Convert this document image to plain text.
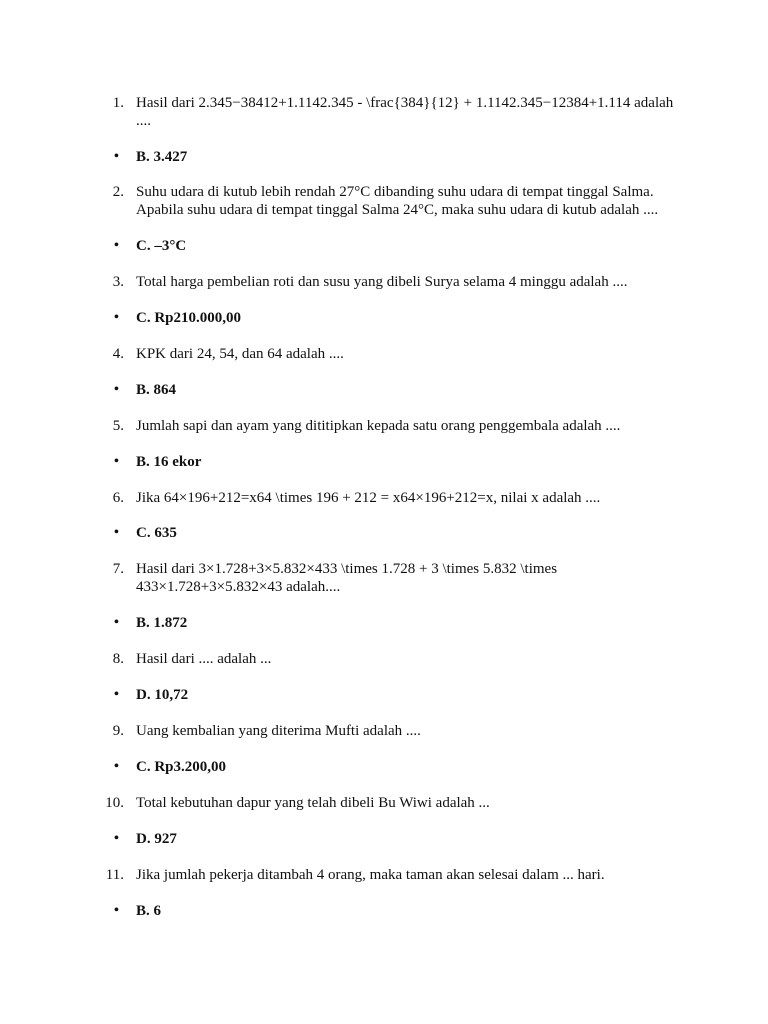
1. Hasil dari 2.345−38412+1.1142.345 - \frac{384}{12} + 1.1142.345−12384+1.114 adalah ....
• B. 3.427
2. Suhu udara di kutub lebih rendah 27°C dibanding suhu udara di tempat tinggal Salma. Apabila suhu udara di tempat tinggal Salma 24°C, maka suhu udara di kutub adalah ....
• C. –3°C
3. Total harga pembelian roti dan susu yang dibeli Surya selama 4 minggu adalah ....
• C. Rp210.000,00
4. KPK dari 24, 54, dan 64 adalah ....
• B. 864
5. Jumlah sapi dan ayam yang dititipkan kepada satu orang penggembala adalah ....
• B. 16 ekor
6. Jika 64×196+212=x64 \times 196 + 212 = x64×196+212=x, nilai x adalah ....
• C. 635
7. Hasil dari 3×1.728+3×5.832×433 \times 1.728 + 3 \times 5.832 \times 433×1.728+3×5.832×43 adalah....
• B. 1.872
8. Hasil dari .... adalah ...
• D. 10,72
9. Uang kembalian yang diterima Mufti adalah ....
• C. Rp3.200,00
10. Total kebutuhan dapur yang telah dibeli Bu Wiwi adalah ...
• D. 927
11. Jika jumlah pekerja ditambah 4 orang, maka taman akan selesai dalam ... hari.
• B. 6
